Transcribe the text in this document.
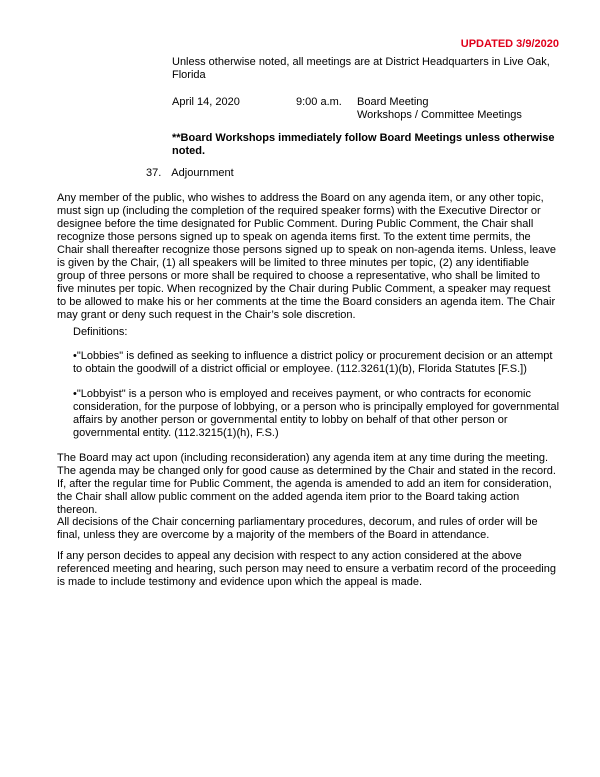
UPDATED 3/9/2020

Unless otherwise noted, all meetings are at District Headquarters in Live Oak, Florida

April 14, 2020	9:00 a.m. Board Meeting
Workshops / Committee Meetings

**Board Workshops immediately follow Board Meetings unless otherwise noted.

37. Adjournment

Any member of the public, who wishes to address the Board on any agenda item, or any other topic, must sign up (including the completion of the required speaker forms) with the Executive Director or designee before the time designated for Public Comment. During Public Comment, the Chair shall recognize those persons signed up to speak on agenda items first. To the extent time permits, the Chair shall thereafter recognize those persons signed up to speak on non-agenda items. Unless, leave is given by the Chair, (1) all speakers will be limited to three minutes per topic, (2) any identifiable group of three persons or more shall be required to choose a representative, who shall be limited to five minutes per topic. When recognized by the Chair during Public Comment, a speaker may request to be allowed to make his or her comments at the time the Board considers an agenda item. The Chair may grant or deny such request in the Chair’s sole discretion.

Definitions:

•"Lobbies" is defined as seeking to influence a district policy or procurement decision or an attempt to obtain the goodwill of a district official or employee. (112.3261(1)(b), Florida Statutes [F.S.])

•"Lobbyist" is a person who is employed and receives payment, or who contracts for economic consideration, for the purpose of lobbying, or a person who is principally employed for governmental affairs by another person or governmental entity to lobby on behalf of that other person or governmental entity. (112.3215(1)(h), F.S.)

The Board may act upon (including reconsideration) any agenda item at any time during the meeting. The agenda may be changed only for good cause as determined by the Chair and stated in the record. If, after the regular time for Public Comment, the agenda is amended to add an item for consideration, the Chair shall allow public comment on the added agenda item prior to the Board taking action thereon.

All decisions of the Chair concerning parliamentary procedures, decorum, and rules of order will be final, unless they are overcome by a majority of the members of the Board in attendance.

If any person decides to appeal any decision with respect to any action considered at the above referenced meeting and hearing, such person may need to ensure a verbatim record of the proceeding is made to include testimony and evidence upon which the appeal is made.
